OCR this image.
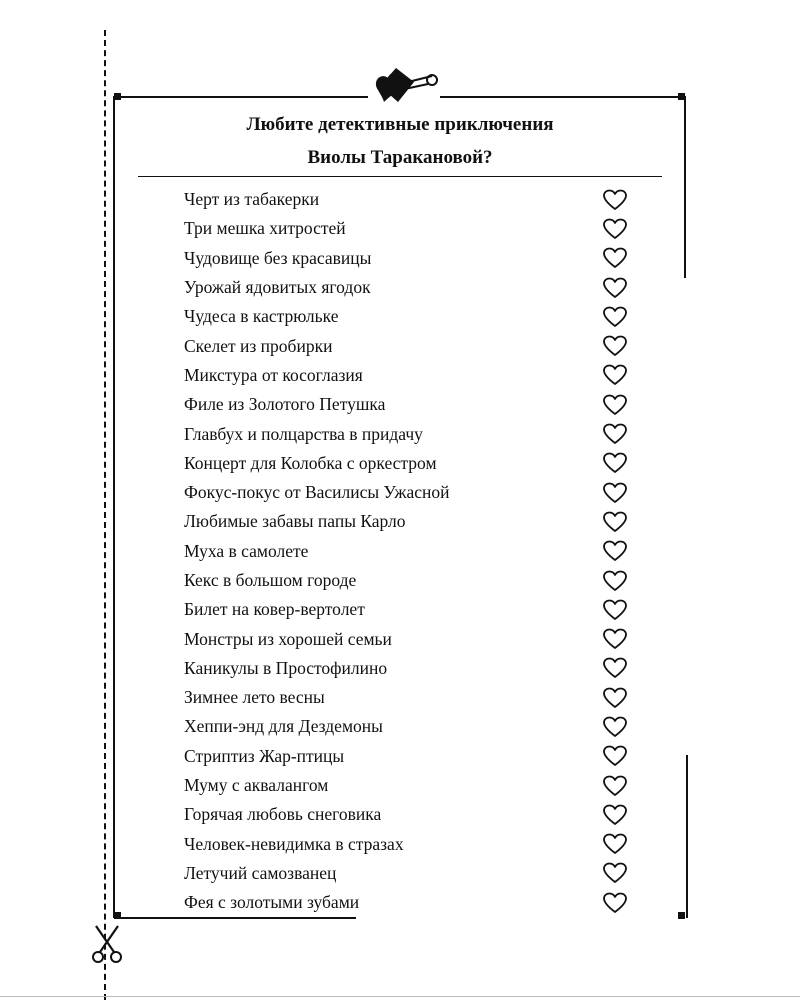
Любите детективные приключения
Виолы Таракановой?
Черт из табакерки
Три мешка хитростей
Чудовище без красавицы
Урожай ядовитых ягодок
Чудеса в кастрюльке
Скелет из пробирки
Микстура от косоглазия
Филе из Золотого Петушка
Главбух и полцарства в придачу
Концерт для Колобка с оркестром
Фокус-покус от Василисы Ужасной
Любимые забавы папы Карло
Муха в самолете
Кекс в большом городе
Билет на ковер-вертолет
Монстры из хорошей семьи
Каникулы в Простофилино
Зимнее лето весны
Хеппи-энд для Дездемоны
Стриптиз Жар-птицы
Муму с аквалангом
Горячая любовь снеговика
Человек-невидимка в стразах
Летучий самозванец
Фея с золотыми зубами
